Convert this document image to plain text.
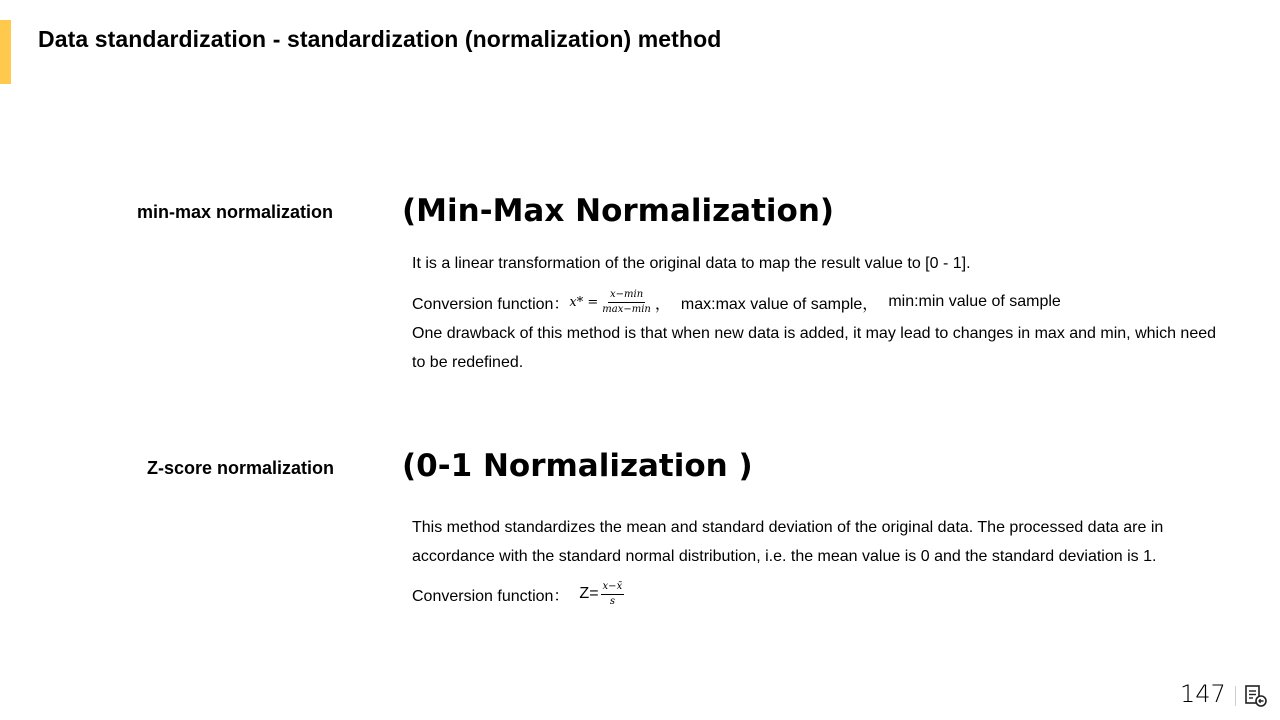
Data standardization - standardization (normalization) method
min-max normalization (Min-Max Normalization)
It is a linear transformation of the original data to map the result value to [0 - 1].
Conversion function： $x* = \frac{x-\min}{\max-\min}$ ， max:max value of sample， min:min value of sample
One drawback of this method is that when new data is added, it may lead to changes in max and min, which need to be redefined.
Z-score normalization (0-1 Normalization )
This method standardizes the mean and standard deviation of the original data. The processed data are in accordance with the standard normal distribution, i.e. the mean value is 0 and the standard deviation is 1.
Conversion function： $Z= \frac{x-x̄}{s}$
147
